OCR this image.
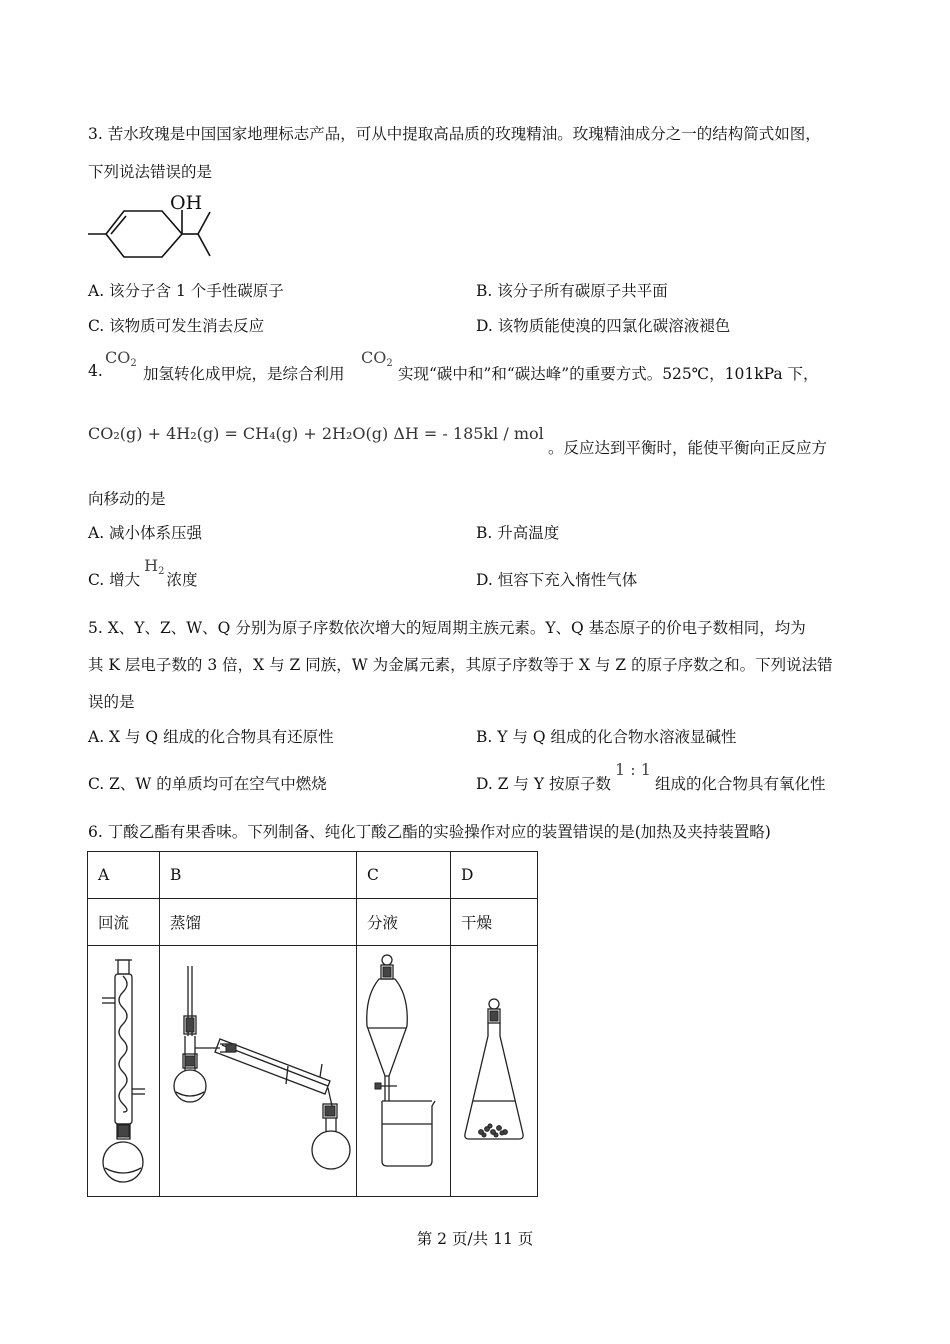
3. 苦水玫瑰是中国国家地理标志产品，可从中提取高品质的玫瑰精油。玫瑰精油成分之一的结构简式如图，
下列说法错误的是
OH
A. 该分子含 1 个手性碳原子	B. 该分子所有碳原子共平面
C. 该物质可发生消去反应	D. 该物质能使溴的四氯化碳溶液褪色
4.
$CO_2$
加氢转化成甲烷，是综合利用
$CO_2$
实现“碳中和”和“碳达峰”的重要方式。525℃，101kPa 下，
CO₂(g) + 4H₂(g) = CH₄(g) + 2H₂O(g) ΔH = - 185kl / mol
。反应达到平衡时，能使平衡向正反应方
向移动的是
A. 减小体系压强	B. 升高温度
C. 增大$H_2$ 浓度	D. 恒容下充入惰性气体
5. X、Y、Z、W、Q 分别为原子序数依次增大的短周期主族元素。Y、Q 基态原子的价电子数相同，均为
其 K 层电子数的 3 倍，X 与 Z 同族，W 为金属元素，其原子序数等于 X 与 Z 的原子序数之和。下列说法错
误的是
A. X 与 Q 组成的化合物具有还原性	B. Y 与 Q 组成的化合物水溶液显碱性
C. Z、W 的单质均可在空气中燃烧	D. Z 与 Y 按原子数1 : 1组成的化合物具有氧化性
6. 丁酸乙酯有果香味。下列制备、纯化丁酸乙酯的实验操作对应的装置错误的是(加热及夹持装置略)
A	B	C	D
回流	蒸馏	分液	干燥

第 2 页/共 11 页
